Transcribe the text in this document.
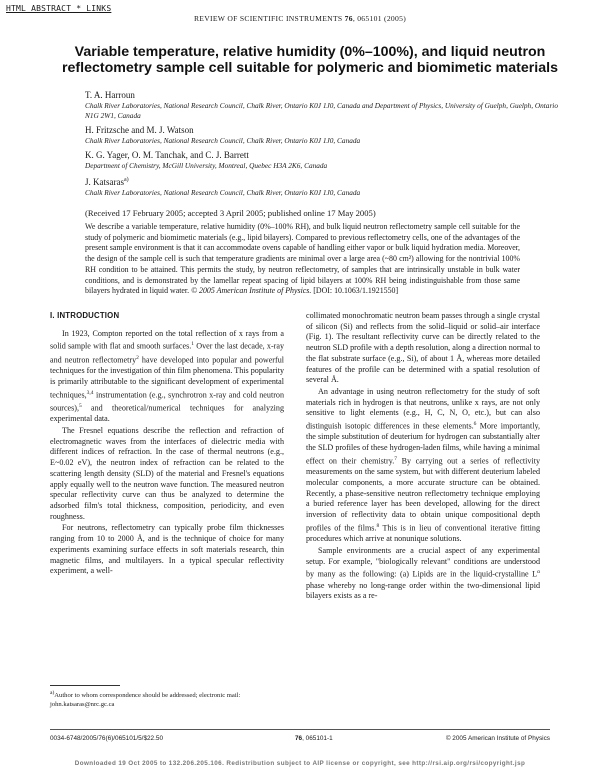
HTML ABSTRACT * LINKS
REVIEW OF SCIENTIFIC INSTRUMENTS 76, 065101 (2005)
Variable temperature, relative humidity (0%–100%), and liquid neutron reflectometry sample cell suitable for polymeric and biomimetic materials
T. A. Harroun
Chalk River Laboratories, National Research Council, Chalk River, Ontario K0J 1J0, Canada and Department of Physics, University of Guelph, Guelph, Ontario N1G 2W1, Canada
H. Fritzsche and M. J. Watson
Chalk River Laboratories, National Research Council, Chalk River, Ontario K0J 1J0, Canada
K. G. Yager, O. M. Tanchak, and C. J. Barrett
Department of Chemistry, McGill University, Montreal, Quebec H3A 2K6, Canada
J. Katsaras$^{a)}$
Chalk River Laboratories, National Research Council, Chalk River, Ontario K0J 1J0, Canada
(Received 17 February 2005; accepted 3 April 2005; published online 17 May 2005)
We describe a variable temperature, relative humidity (0%–100% RH), and bulk liquid neutron reflectometry sample cell suitable for the study of polymeric and biomimetic materials (e.g., lipid bilayers). Compared to previous reflectometry cells, one of the advantages of the present sample environment is that it can accommodate ovens capable of handling either vapor or bulk liquid hydration media. Moreover, the design of the sample cell is such that temperature gradients are minimal over a large area (~80 cm²) allowing for the nontrivial 100% RH condition to be attained. This permits the study, by neutron reflectometry, of samples that are intrinsically unstable in bulk water conditions, and is demonstrated by the lamellar repeat spacing of lipid bilayers at 100% RH being indistinguishable from those same bilayers hydrated in liquid water. © 2005 American Institute of Physics. [DOI: 10.1063/1.1921550]
I. INTRODUCTION

In 1923, Compton reported on the total reflection of x rays from a solid sample with flat and smooth surfaces.$^1$ Over the last decade, x-ray and neutron reflectometry$^2$ have developed into popular and powerful techniques for the investigation of thin film phenomena. This popularity is primarily attributable to the significant development of experimental techniques,$^{3,4}$ instrumentation (e.g., synchrotron x-ray and cold neutron sources),$^5$ and theoretical/numerical techniques for analyzing experimental data.

The Fresnel equations describe the reflection and refraction of electromagnetic waves from the interfaces of dielectric media with different indices of refraction. In the case of thermal neutrons (e.g., E~0.02 eV), the neutron index of refraction can be related to the scattering length density (SLD) of the material and Fresnel's equations apply equally well to the neutron wave function. The measured neutron specular reflectivity curve can thus be analyzed to determine the adsorbed film's total thickness, composition, periodicity, and even roughness.

For neutrons, reflectometry can typically probe film thicknesses ranging from 10 to 2000 Å, and is the technique of choice for many experiments examining surface effects in soft materials research, thin magnetic films, and multilayers. In a typical specular reflectivity experiment, a well-

collimated monochromatic neutron beam passes through a single crystal of silicon (Si) and reflects from the solid–liquid or solid–air interface (Fig. 1). The resultant reflectivity curve can be directly related to the neutron SLD profile with a depth resolution, along a direction normal to the flat substrate surface (e.g., Si), of about 1 Å, whereas more detailed features of the profile can be determined with a spatial resolution of several Å.

An advantage in using neutron reflectometry for the study of soft materials rich in hydrogen is that neutrons, unlike x rays, are not only sensitive to light elements (e.g., H, C, N, O, etc.), but can also distinguish isotopic differences in these elements.$^6$ More importantly, the simple substitution of deuterium for hydrogen can substantially alter the SLD profiles of these hydrogen-laden films, while having a minimal effect on their chemistry.$^7$ By carrying out a series of reflectivity measurements on the same system, but with different deuterium labeled molecular components, a more accurate structure can be obtained. Recently, a phase-sensitive neutron reflectometry technique employing a buried reference layer has been developed, allowing for the direct inversion of reflectivity data to obtain unique compositional depth profiles of the films.$^8$ This is in lieu of conventional iterative fitting procedures which arrive at nonunique solutions.

Sample environments are a crucial aspect of any experimental setup. For example, "biologically relevant" conditions are understood by many as the following: (a) Lipids are in the liquid-crystalline $L^\alpha$ phase whereby no long-range order within the two-dimensional lipid bilayers exists as a re-

$^{a)}$Author to whom correspondence should be addressed; electronic mail: john.katsaras@nrc.gc.ca
0034-6748/2005/76(6)/065101/5/$22.50	76, 065101-1	© 2005 American Institute of Physics
Downloaded 19 Oct 2005 to 132.206.205.106. Redistribution subject to AIP license or copyright, see http://rsi.aip.org/rsi/copyright.jsp
